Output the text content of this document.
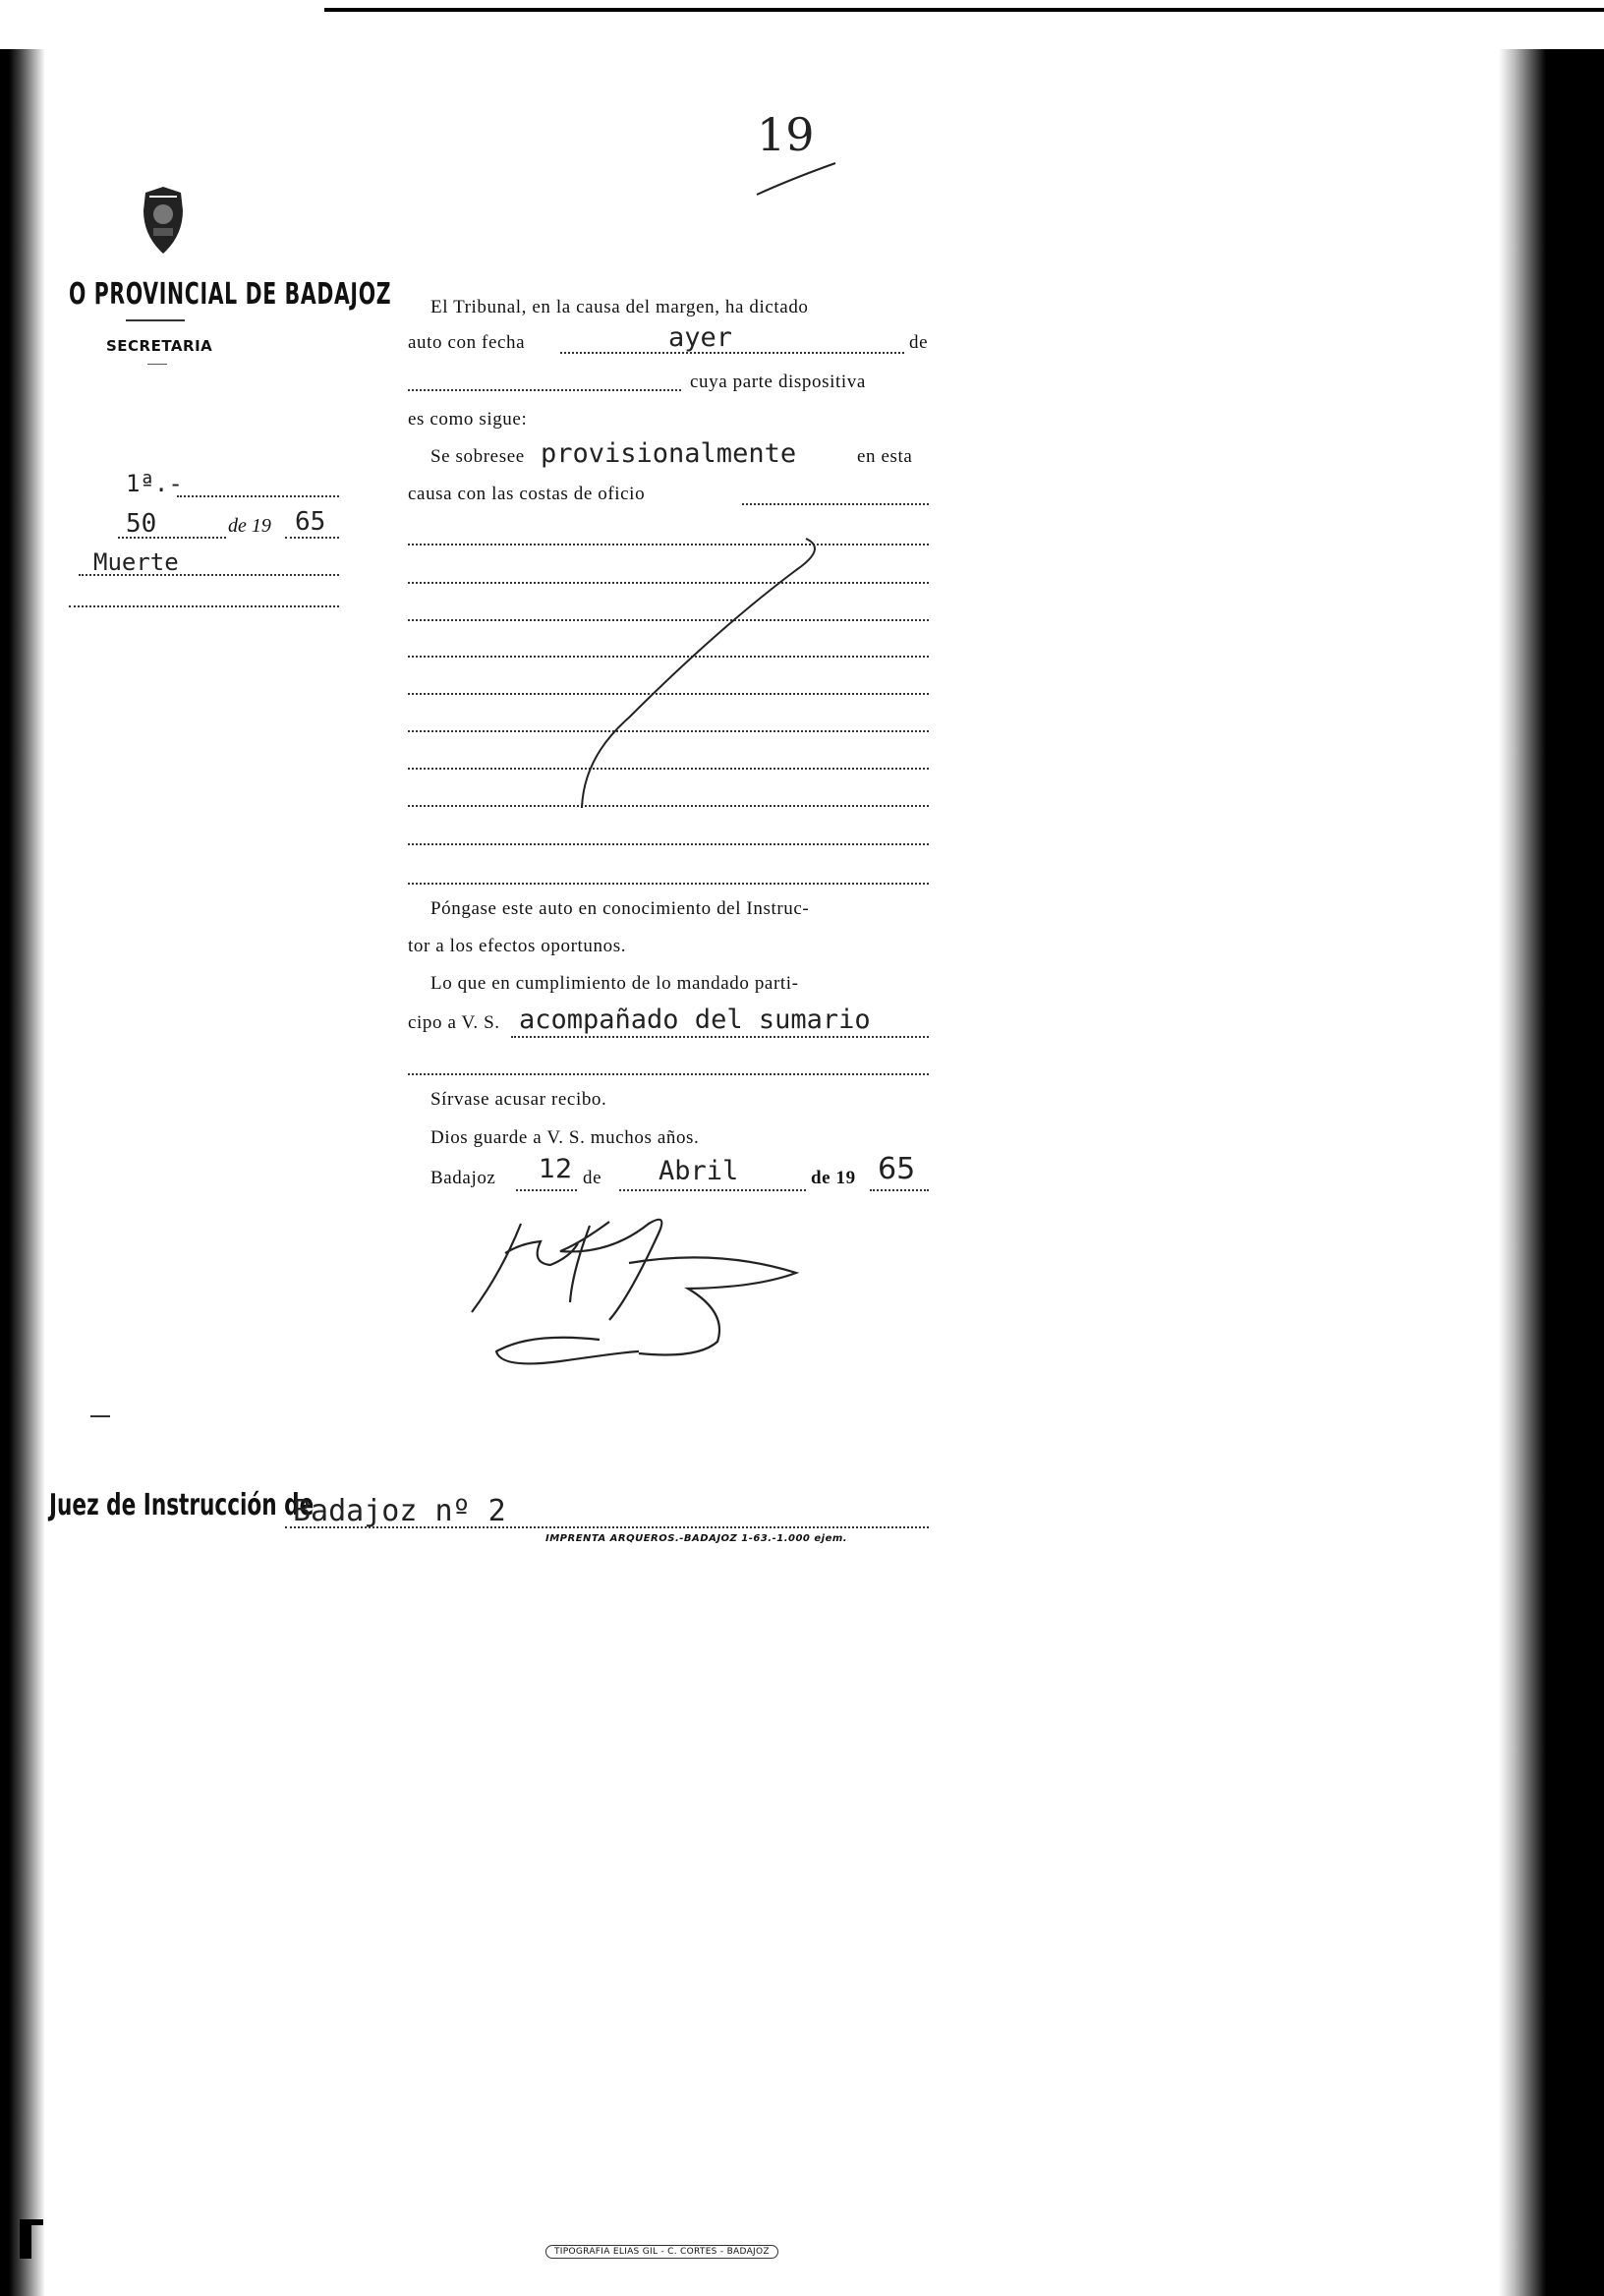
19
O PROVINCIAL DE BADAJOZ
SECRETARIA
1ª.-
50	de 19 65
Muerte
El Tribunal, en la causa del margen, ha dictado
auto con fecha	ayer	de
cuya parte dispositiva
es como sigue:
Se sobresee provisionalmente	en esta
causa con las costas de oficio
Póngase este auto en conocimiento del Instruc-
tor a los efectos oportunos.
Lo que en cumplimiento de lo mandado parti-
cipo a V. S. acompañado del sumario
Sírvase acusar recibo.
Dios guarde a V. S. muchos años.
Badajoz 12 de Abril	de 19 65
Juez de Instrucción de
Badajoz nº 2
IMPRENTA ARQUEROS.-BADAJOZ 1-63.-1.000 ejem.
TIPOGRAFIA ELIAS GIL - C. CORTES - BADAJOZ
